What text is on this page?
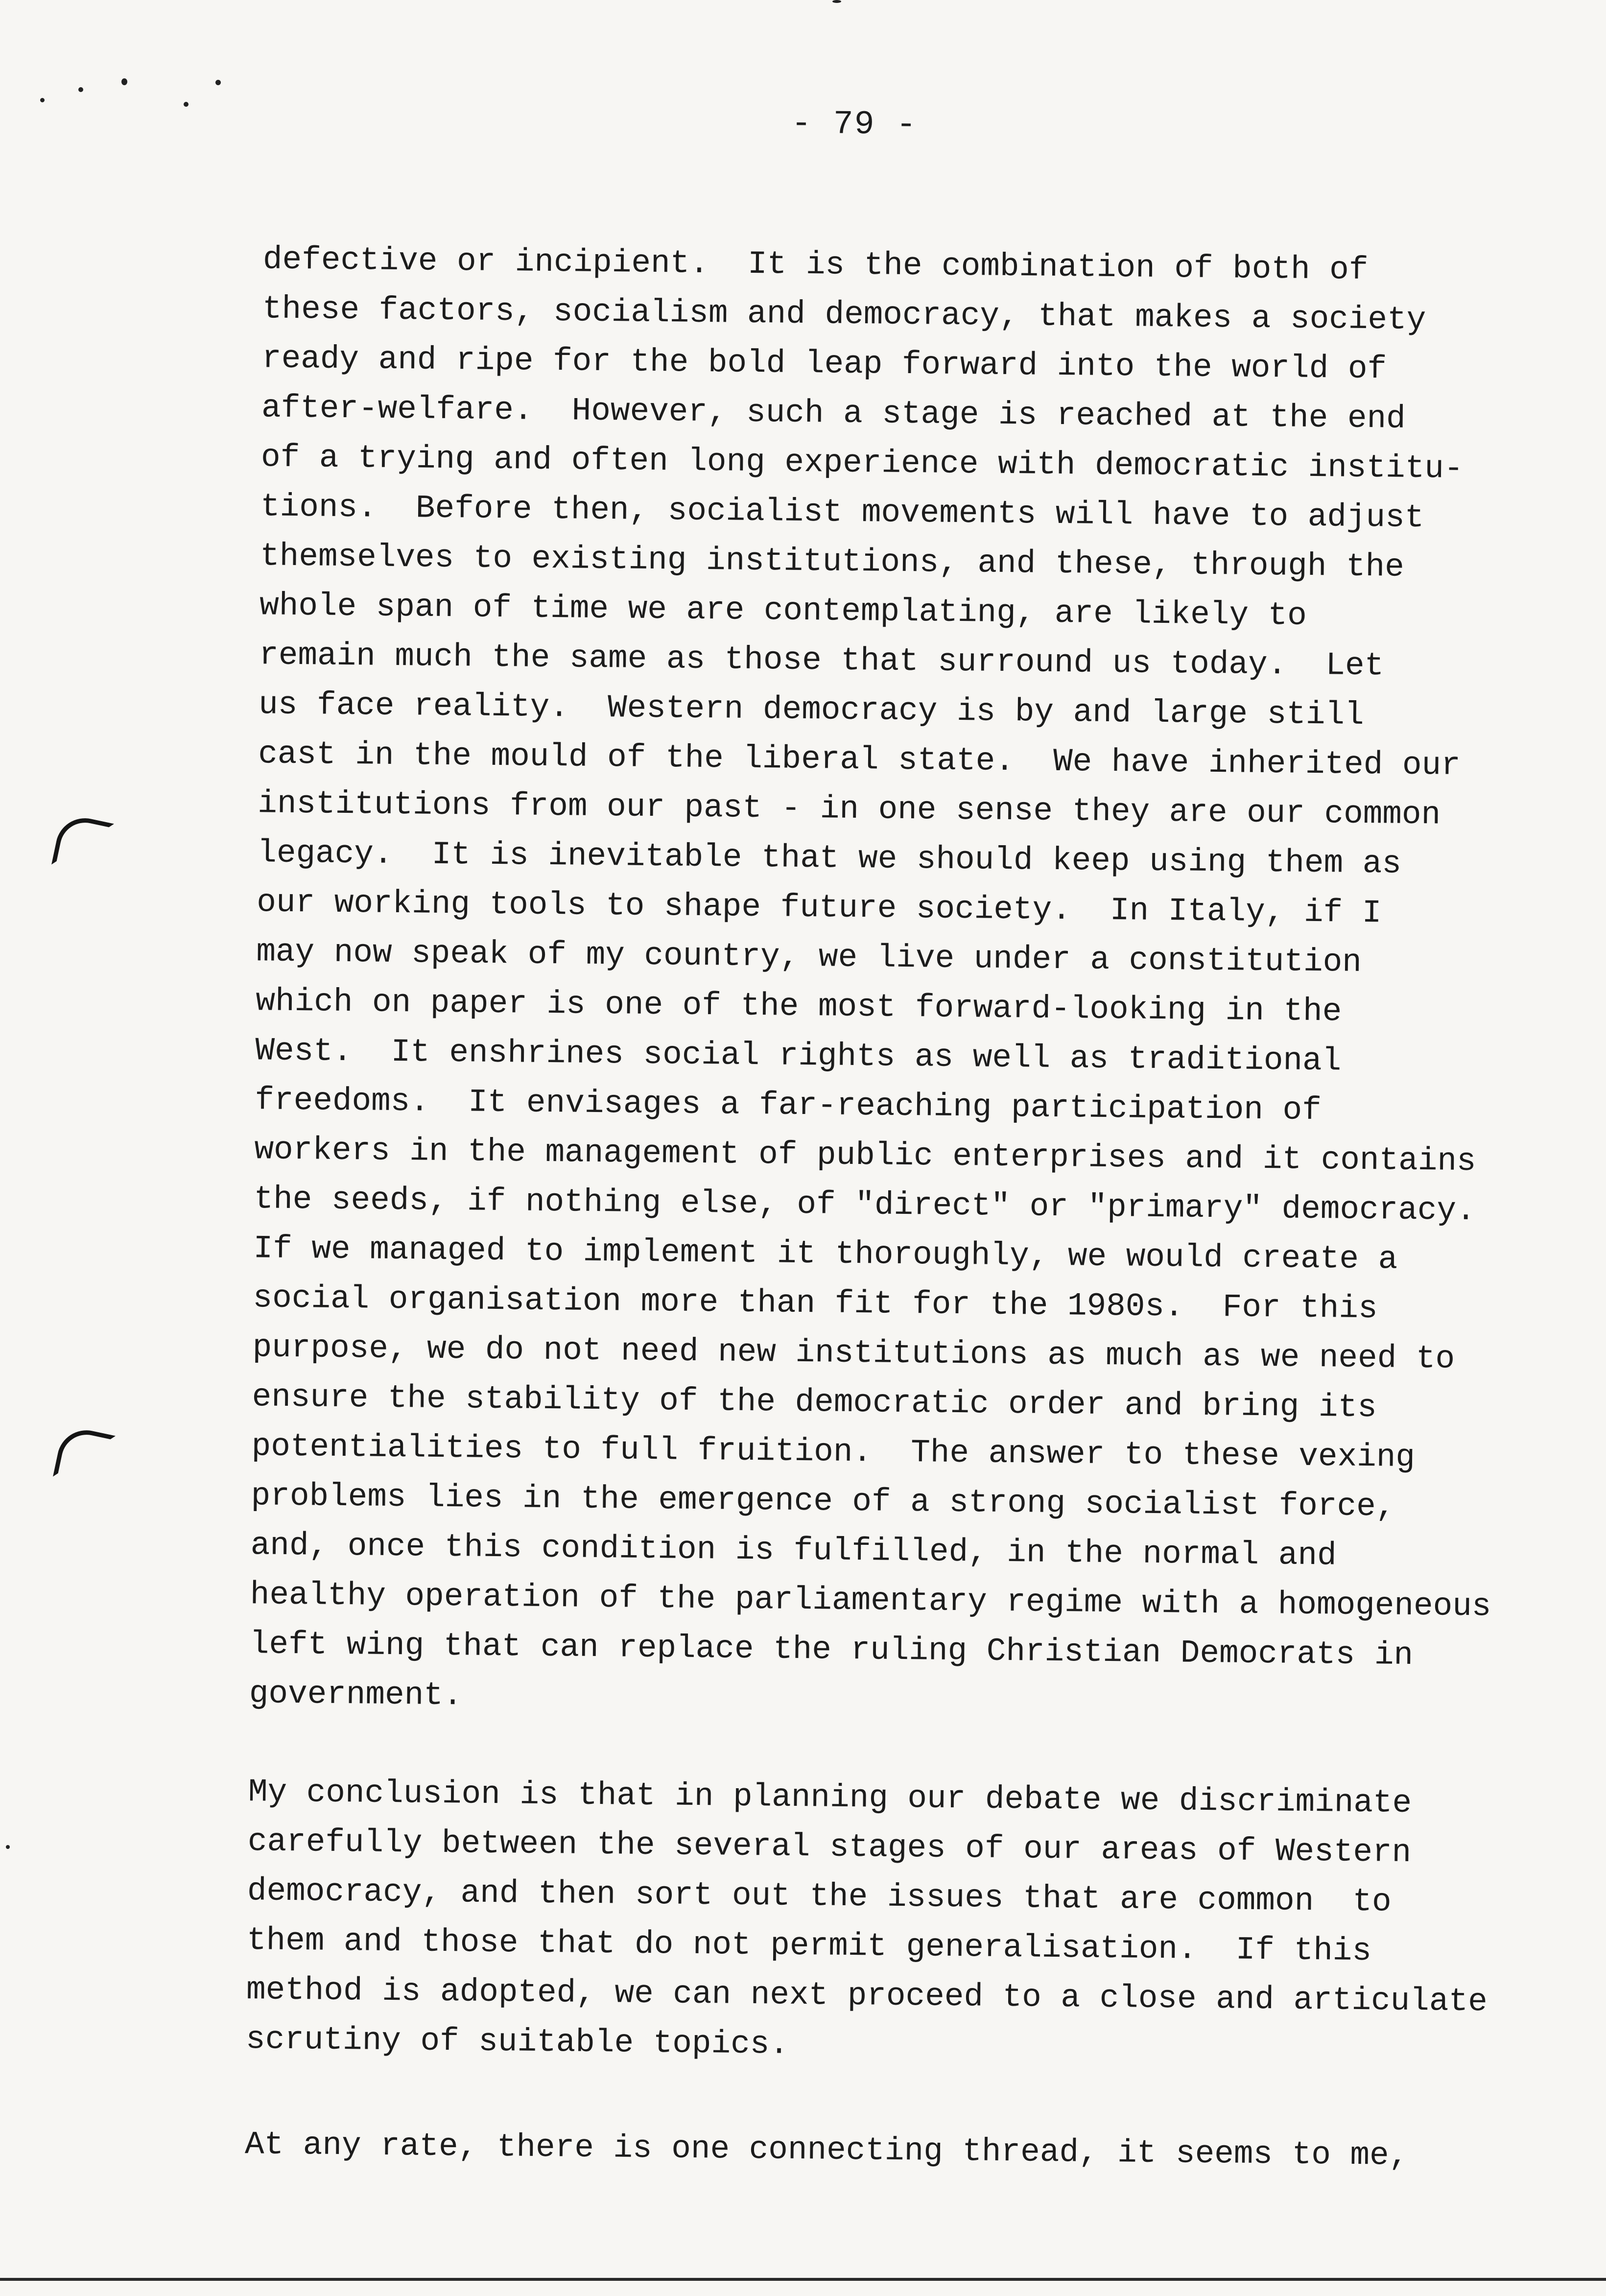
- 79 -
defective or incipient.  It is the combination of both of
these factors, socialism and democracy, that makes a society
ready and ripe for the bold leap forward into the world of
after-welfare.  However, such a stage is reached at the end
of a trying and often long experience with democratic institu-
tions.  Before then, socialist movements will have to adjust
themselves to existing institutions, and these, through the
whole span of time we are contemplating, are likely to
remain much the same as those that surround us today.  Let
us face reality.  Western democracy is by and large still
cast in the mould of the liberal state.  We have inherited our
institutions from our past - in one sense they are our common
legacy.  It is inevitable that we should keep using them as
our working tools to shape future society.  In Italy, if I
may now speak of my country, we live under a constitution
which on paper is one of the most forward-looking in the
West.  It enshrines social rights as well as traditional
freedoms.  It envisages a far-reaching participation of
workers in the management of public enterprises and it contains
the seeds, if nothing else, of "direct" or "primary" democracy.
If we managed to implement it thoroughly, we would create a
social organisation more than fit for the 1980s.  For this
purpose, we do not need new institutions as much as we need to
ensure the stability of the democratic order and bring its
potentialities to full fruition.  The answer to these vexing
problems lies in the emergence of a strong socialist force,
and, once this condition is fulfilled, in the normal and
healthy operation of the parliamentary regime with a homogeneous
left wing that can replace the ruling Christian Democrats in
government.
My conclusion is that in planning our debate we discriminate
carefully between the several stages of our areas of Western
democracy, and then sort out the issues that are common  to
them and those that do not permit generalisation.  If this
method is adopted, we can next proceed to a close and articulate
scrutiny of suitable topics.
At any rate, there is one connecting thread, it seems to me,
